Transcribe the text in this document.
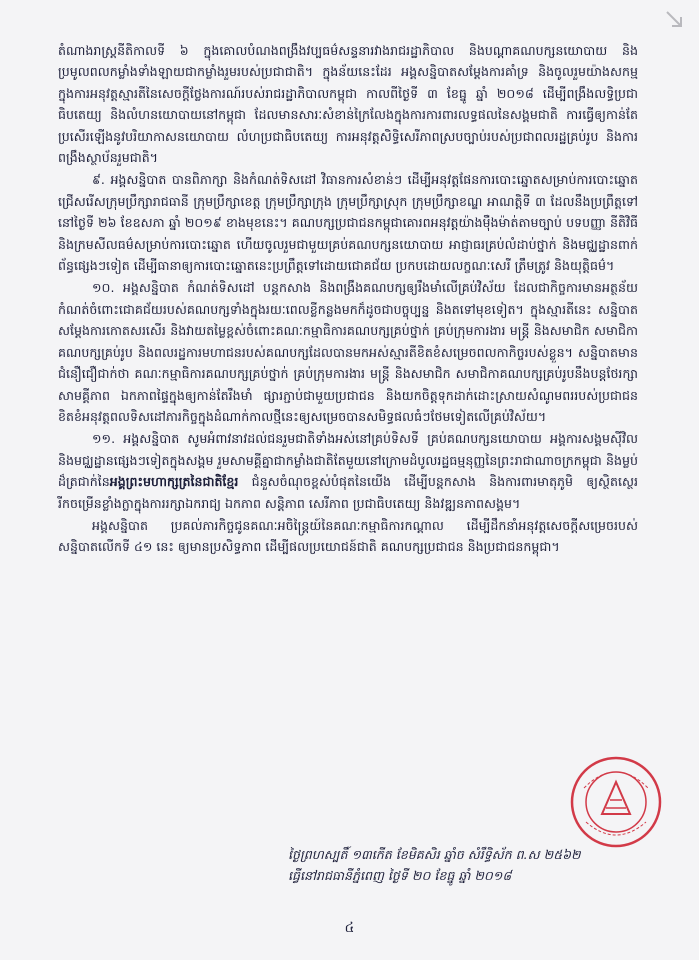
តំណាងរាស្ត្រនីតិកាលទី ៦ ក្នុងគោលបំណងពង្រឹងវប្បធម៌សន្ទនារវាងរាជរដ្ឋាភិបាល និងបណ្ដាគណបក្សនយោបាយ និងប្រមូលពលកម្លាំងទាំងឡាយជាកម្លាំងរួមរបស់ប្រជាជាតិ។ ក្នុងន័យនេះដែរ អង្គសន្និបាតសម្ដែងការគាំទ្រ និងចូលរួមយ៉ាងសកម្មក្នុងការអនុវត្តស្មារតីនៃសេចក្ដីថ្លែងការណ៍របស់រាជរដ្ឋាភិបាលកម្ពុជា កាលពីថ្ងៃទី ៣ ខែធ្នូ ឆ្នាំ ២០១៨ ដើម្បីពង្រឹងលទ្ធិប្រជាធិបតេយ្យ និងលំហនយោបាយនៅកម្ពុជា ដែលមានសារៈសំខាន់ក្រៃលែងក្នុងការការពារលទ្ធផលនៃសង្គមជាតិ ការធ្វើឲ្យកាន់តែប្រសើរឡើងនូវបរិយាកាសនយោបាយ លំហប្រជាធិបតេយ្យ ការអនុវត្តសិទ្ធិសេរីភាពស្របច្បាប់របស់ប្រជាពលរដ្ឋគ្រប់រូប និងការពង្រឹងស្ថាប័នរួមជាតិ។

៩. អង្គសន្និបាត បានពិភាក្សា និងកំណត់ទិសដៅ វិធានការសំខាន់ៗ ដើម្បីអនុវត្តផែនការបោះឆ្នោតសម្រាប់ការបោះឆ្នោតជ្រើសរើសក្រុមប្រឹក្សារាជធានី ក្រុមប្រឹក្សាខេត្ត ក្រុមប្រឹក្សាក្រុង ក្រុមប្រឹក្សាស្រុក ក្រុមប្រឹក្សាខណ្ឌ អាណត្តិទី ៣ ដែលនឹងប្រព្រឹត្តទៅនៅថ្ងៃទី ២៦ ខែឧសភា ឆ្នាំ ២០១៩ ខាងមុខនេះ។ គណបក្សប្រជាជនកម្ពុជាគោរពអនុវត្តយ៉ាងម៉ឺងម៉ាត់តាមច្បាប់ បទបញ្ញា នីតិវិធី និងក្រមសីលធម៌សម្រាប់ការបោះឆ្នោត ហើយចូលរួមជាមួយគ្រប់គណបក្សនយោបាយ អាជ្ញាធរគ្រប់លំដាប់ថ្នាក់ និងមជ្ឈដ្ឋានពាក់ព័ន្ធផ្សេងៗទៀត ដើម្បីធានាឲ្យការបោះឆ្នោតនេះប្រព្រឹត្តទៅដោយជោគជ័យ ប្រកបដោយលក្ខណៈសេរី ត្រឹមត្រូវ និងយុត្តិធម៌។

១០. អង្គសន្និបាត កំណត់ទិសដៅ បន្តកសាង និងពង្រឹងគណបក្សឲ្យរឹងមាំលើគ្រប់វិស័យ ដែលជាកិច្ចការមានអត្ថន័យកំណត់ចំពោះជោគជ័យរបស់គណបក្សទាំងក្នុងរយៈពេលខ្លីកន្លងមកក៏ដូចជាបច្ចុប្បន្ន និងតទៅមុខទៀត។ ក្នុងស្មារតីនេះ សន្និបាតសម្ដែងការកោតសរសើរ និងវាយតម្លៃខ្ពស់ចំពោះគណៈកម្មាធិការគណបក្សគ្រប់ថ្នាក់ គ្រប់ក្រុមការងារ មន្ត្រី និងសមាជិក សមាជិកាគណបក្សគ្រប់រូប និងពលរដ្ឋការមហាជនរបស់គណបក្សដែលបានមកអស់ស្មារតីខិតខំសម្រេចពលកាកិច្ចរបស់ខ្លួន។ សន្និបាតមានជំនឿជឿជាក់ថា គណៈកម្មាធិការគណបក្សគ្រប់ថ្នាក់ គ្រប់ក្រុមការងារ មន្ត្រី និងសមាជិក សមាជិកាគណបក្សគ្រប់រូបនឹងបន្តថែរក្សាសាមគ្គីភាព ឯកភាពផ្ទៃក្នុងឲ្យកាន់តែរឹងមាំ ផ្សារភ្ជាប់ជាមួយប្រជាជន និងយកចិត្តទុកដាក់ដោះស្រាយសំណូមពររបស់ប្រជាជន ខិតខំអនុវត្តពលទិសដៅភារកិច្ចក្នុងដំណាក់កាលថ្មីនេះឲ្យសម្រេចបានសមិទ្ធផលធំៗថែមទៀតលើគ្រប់វិស័យ។

១១. អង្គសន្និបាត សូមអំពាវនាវដល់ជនរួមជាតិទាំងអស់នៅគ្រប់ទិសទី គ្រប់គណបក្សនយោបាយ អង្គការសង្គមស៊ីវិល និងមជ្ឈដ្ឋានផ្សេងៗទៀតក្នុងសង្គម រួមសាមគ្គីគ្នាជាកម្លាំងជាតិតែមួយនៅក្រោមដំបូលរដ្ឋធម្មនុញ្ញនៃព្រះរាជាណាចក្រកម្ពុជា និងម្លប់ដ៏ត្រជាក់នៃអង្គព្រះមហាក្សត្រនៃជាតិខ្មែរ ជំនួសចំណុចខ្ពស់បំផុតនៃយើង ដើម្បីបន្តកសាង និងការពារមាតុភូមិ ឲ្យស្ថិតស្ថេរ រីកចម្រើនខ្លាំងក្លាក្នុងការរក្សាឯករាជ្យ ឯកភាព សន្តិភាព សេរីភាព ប្រជាធិបតេយ្យ និងវឌ្ឍនភាពសង្គម។

អង្គសន្និបាត ប្រគល់ភារកិច្ចជូនគណៈអចិន្ត្រៃយ៍នៃគណៈកម្មាធិការកណ្ដាល ដើម្បីដឹកនាំអនុវត្តសេចក្ដីសម្រេចរបស់សន្និបាតលើកទី ៤១ នេះ ឲ្យមានប្រសិទ្ធភាព ដើម្បីផលប្រយោជន៍ជាតិ គណបក្សប្រជាជន និងប្រជាជនកម្ពុជា។

ថ្ងៃព្រហស្បតិ៍ ១៣កើត ខែមិគសិរ ឆ្នាំច សំរឹទ្ធិស័ក ព.ស ២៥៦២
ធ្វើនៅរាជធានីភ្នំពេញ ថ្ងៃទី ២០ ខែធ្នូ ឆ្នាំ ២០១៨
៤
